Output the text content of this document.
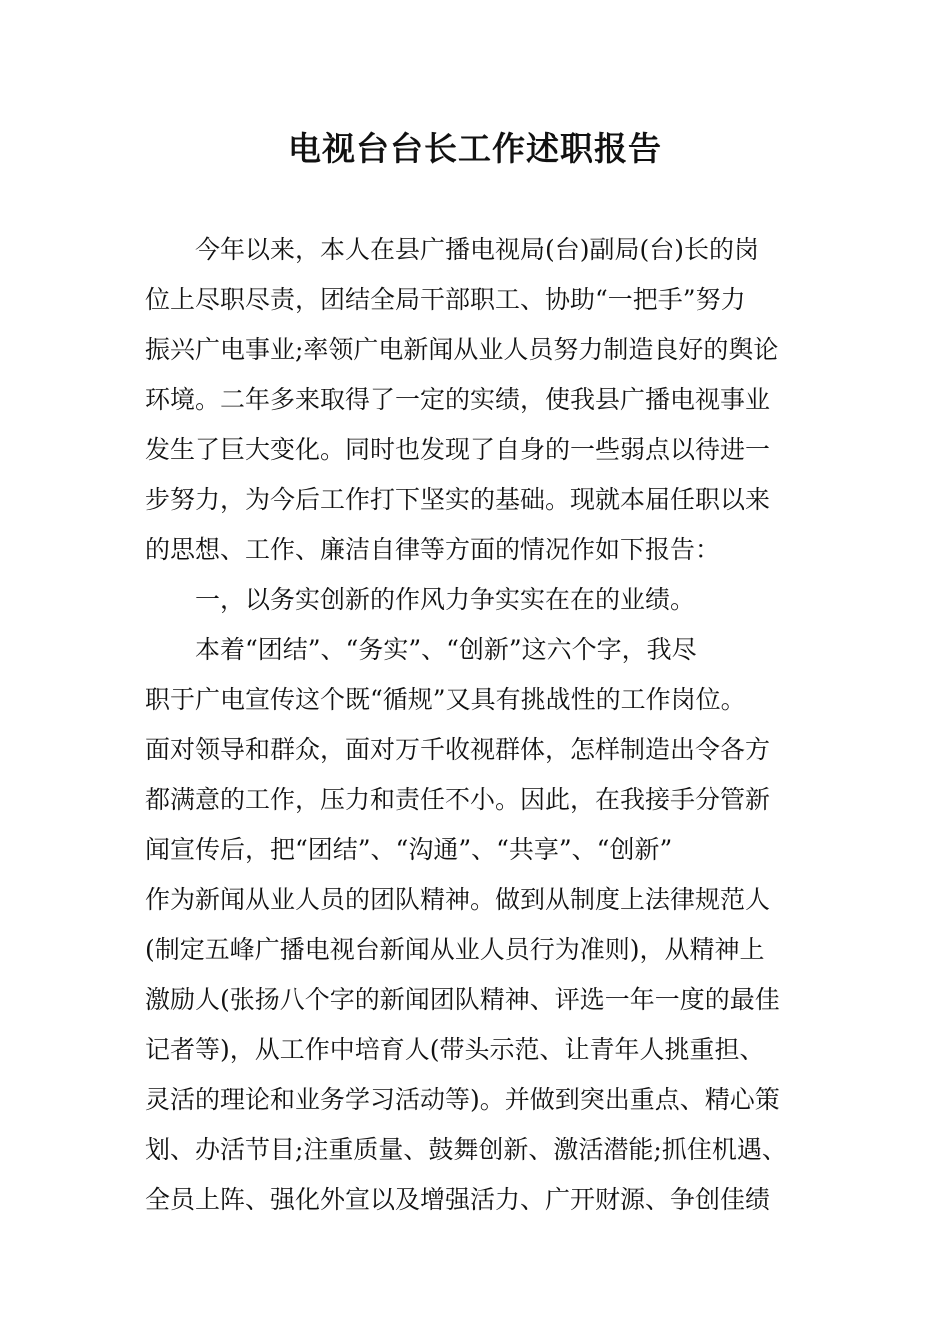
电视台台长工作述职报告
今年以来，本人在县广播电视局(台)副局(台)长的岗
位上尽职尽责，团结全局干部职工、协助“一把手”努力
振兴广电事业;率领广电新闻从业人员努力制造良好的舆论
环境。二年多来取得了一定的实绩，使我县广播电视事业
发生了巨大变化。同时也发现了自身的一些弱点以待进一
步努力，为今后工作打下坚实的基础。现就本届任职以来
的思想、工作、廉洁自律等方面的情况作如下报告：
一，以务实创新的作风力争实实在在的业绩。
本着“团结”、“务实”、“创新”这六个字，我尽
职于广电宣传这个既“循规”又具有挑战性的工作岗位。
面对领导和群众，面对万千收视群体，怎样制造出令各方
都满意的工作，压力和责任不小。因此，在我接手分管新
闻宣传后，把“团结”、“沟通”、“共享”、“创新”
作为新闻从业人员的团队精神。做到从制度上法律规范人
(制定五峰广播电视台新闻从业人员行为准则)，从精神上
激励人(张扬八个字的新闻团队精神、评选一年一度的最佳
记者等)，从工作中培育人(带头示范、让青年人挑重担、
灵活的理论和业务学习活动等)。并做到突出重点、精心策
划、办活节目;注重质量、鼓舞创新、激活潜能;抓住机遇、
全员上阵、强化外宣以及增强活力、广开财源、争创佳绩
